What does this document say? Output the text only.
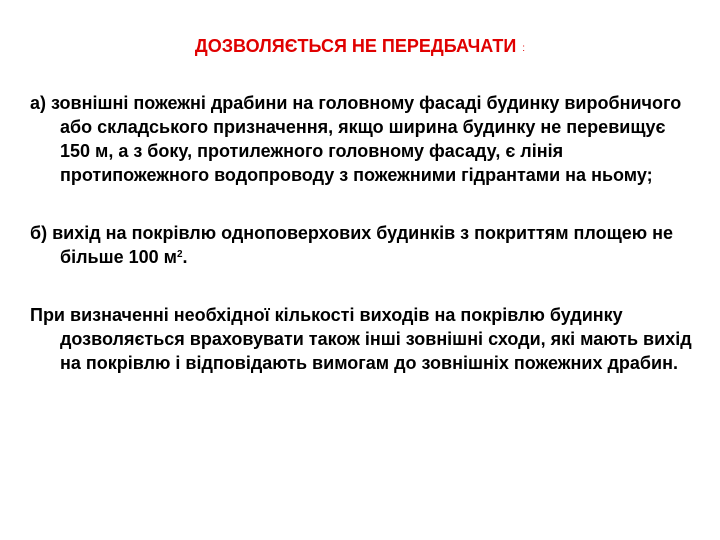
ДОЗВОЛЯЄТЬСЯ НЕ ПЕРЕДБАЧАТИ :

а) зовнішні пожежні драбини на головному фасаді будинку виробничого або складського призначення, якщо ширина будинку не перевищує 150 м, а з боку, протилежного головному фасаду, є лінія протипожежного водопроводу з пожежними гідрантами на ньому;

б) вихід на покрівлю одноповерхових будинків з покриттям площею не більше 100 $м^2$.

При визначенні необхідної кількості виходів на покрівлю будинку дозволяється враховувати також інші зовнішні сходи, які мають вихід на покрівлю і відповідають вимогам до зовнішніх пожежних драбин.
